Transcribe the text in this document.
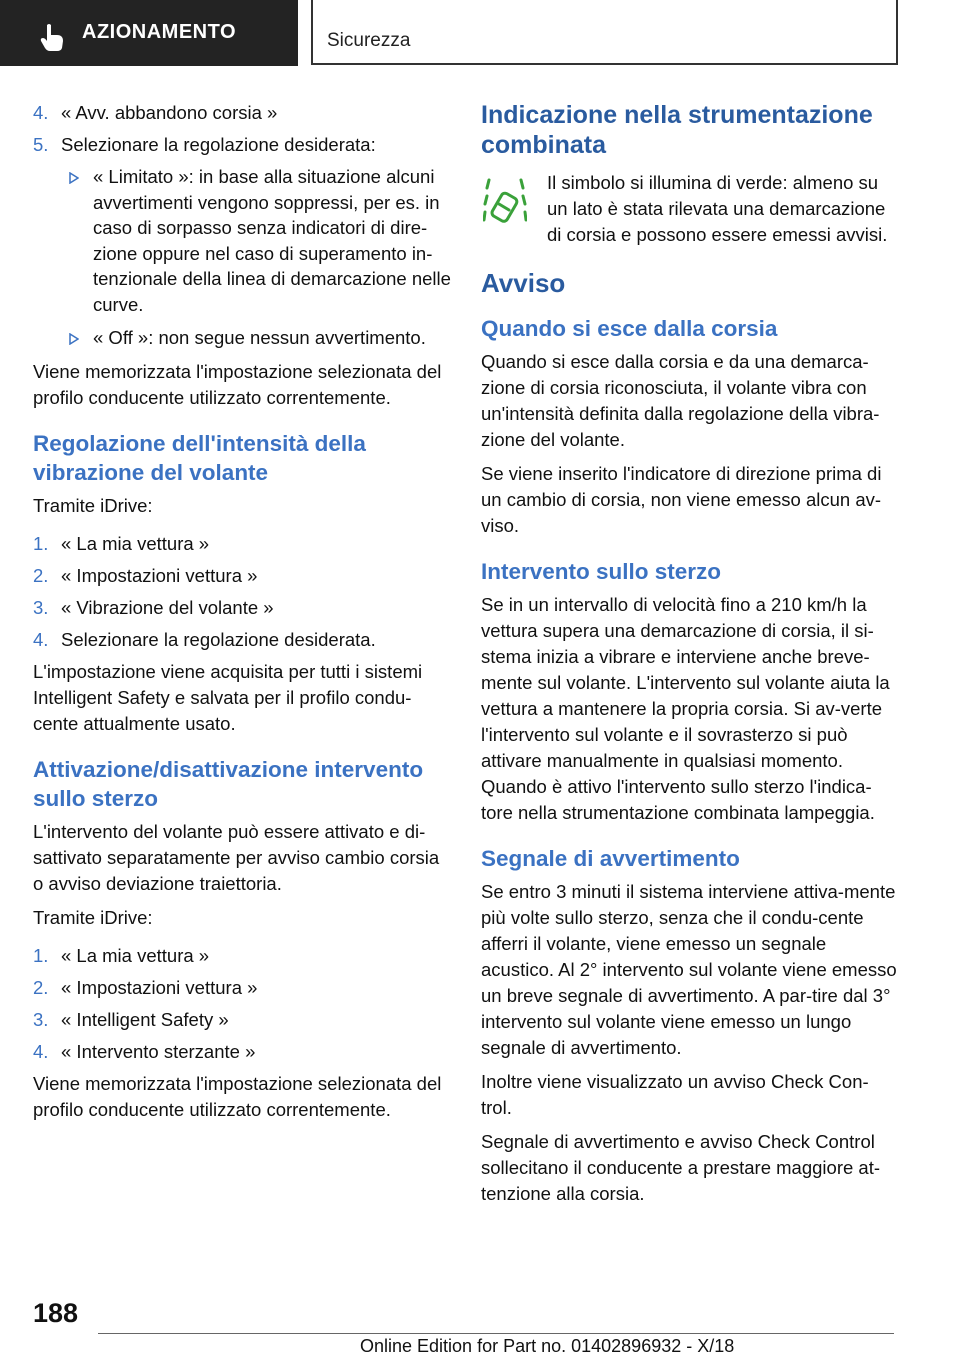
AZIONAMENTO	Sicurezza
4. « Avv. abbandono corsia »
5. Selezionare la regolazione desiderata:
« Limitato »: in base alla situazione alcuni avvertimenti vengono soppressi, per es. in caso di sorpasso senza indicatori di dire-zione oppure nel caso di superamento in-tenzionale della linea di demarcazione nelle curve.
« Off »: non segue nessun avvertimento.

Viene memorizzata l'impostazione selezionata del profilo conducente utilizzato correntemente.

Regolazione dell'intensità della vibrazione del volante

Tramite iDrive:

1. « La mia vettura »
2. « Impostazioni vettura »
3. « Vibrazione del volante »
4. Selezionare la regolazione desiderata.

L'impostazione viene acquisita per tutti i sistemi Intelligent Safety e salvata per il profilo condu-cente attualmente usato.

Attivazione/disattivazione intervento sullo sterzo

L'intervento del volante può essere attivato e di-sattivato separatamente per avviso cambio corsia o avviso deviazione traiettoria.

Tramite iDrive:

1. « La mia vettura »
2. « Impostazioni vettura »
3. « Intelligent Safety »
4. « Intervento sterzante »

Viene memorizzata l'impostazione selezionata del profilo conducente utilizzato correntemente.

Indicazione nella strumentazione combinata

Il simbolo si illumina di verde: almeno su un lato è stata rilevata una demarcazione di corsia e possono essere emessi avvisi.

Avviso
Quando si esce dalla corsia

Quando si esce dalla corsia e da una demarca-zione di corsia riconosciuta, il volante vibra con un'intensità definita dalla regolazione della vibra-zione del volante.

Se viene inserito l'indicatore di direzione prima di un cambio di corsia, non viene emesso alcun av-viso.

Intervento sullo sterzo

Se in un intervallo di velocità fino a 210 km/h la vettura supera una demarcazione di corsia, il si-stema inizia a vibrare e interviene anche breve-mente sul volante. L'intervento sul volante aiuta la vettura a mantenere la propria corsia. Si av-verte l'intervento sul volante e il sovrasterzo si può attivare manualmente in qualsiasi momento. Quando è attivo l'intervento sullo sterzo l'indica-tore nella strumentazione combinata lampeggia.

Segnale di avvertimento

Se entro 3 minuti il sistema interviene attiva-mente più volte sullo sterzo, senza che il condu-cente afferri il volante, viene emesso un segnale acustico. Al 2° intervento sul volante viene emesso un breve segnale di avvertimento. A par-tire dal 3° intervento sul volante viene emesso un lungo segnale di avvertimento.

Inoltre viene visualizzato un avviso Check Con-trol.

Segnale di avvertimento e avviso Check Control sollecitano il conducente a prestare maggiore at-tenzione alla corsia.

188
Online Edition for Part no. 01402896932 - X/18
